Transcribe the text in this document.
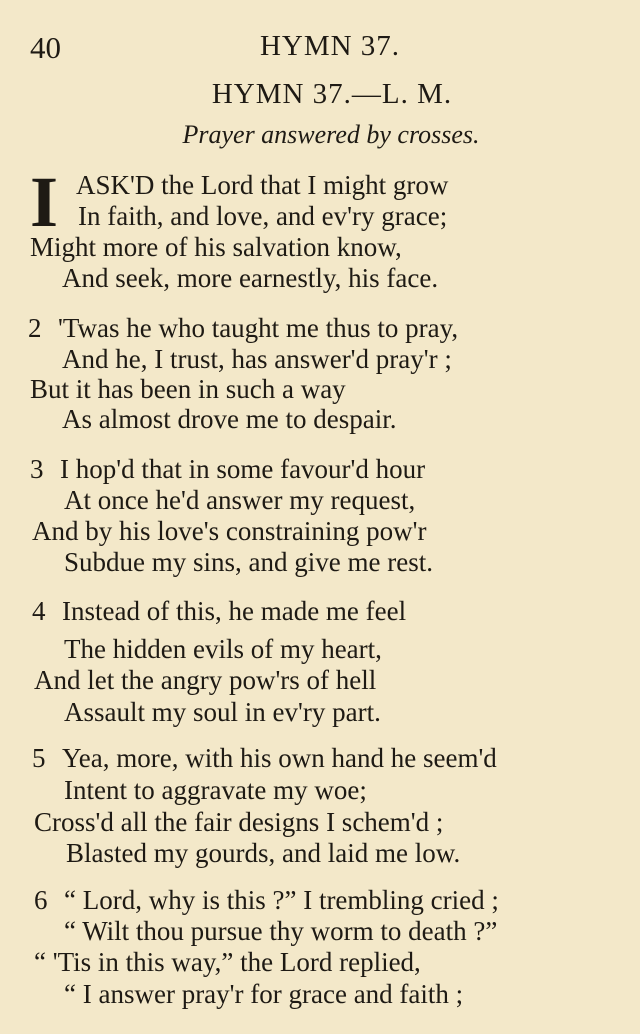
40	HYMN 37.
HYMN 37.—L. M.
Prayer answered by crosses.
I ASK'D the Lord that I might grow
In faith, and love, and ev'ry grace;
Might more of his salvation know,
And seek, more earnestly, his face.
2 'Twas he who taught me thus to pray,
And he, I trust, has answer'd pray'r ;
But it has been in such a way
As almost drove me to despair.
3 I hop'd that in some favour'd hour
At once he'd answer my request,
And by his love's constraining pow'r
Subdue my sins, and give me rest.
4 Instead of this, he made me feel
The hidden evils of my heart,
And let the angry pow'rs of hell
Assault my soul in ev'ry part.
5 Yea, more, with his own hand he seem'd
Intent to aggravate my woe;
Cross'd all the fair designs I schem'd ;
Blasted my gourds, and laid me low.
6 “ Lord, why is this ?” I trembling cried ;
“ Wilt thou pursue thy worm to death ?”
“ 'Tis in this way,” the Lord replied,
“ I answer pray'r for grace and faith ;
